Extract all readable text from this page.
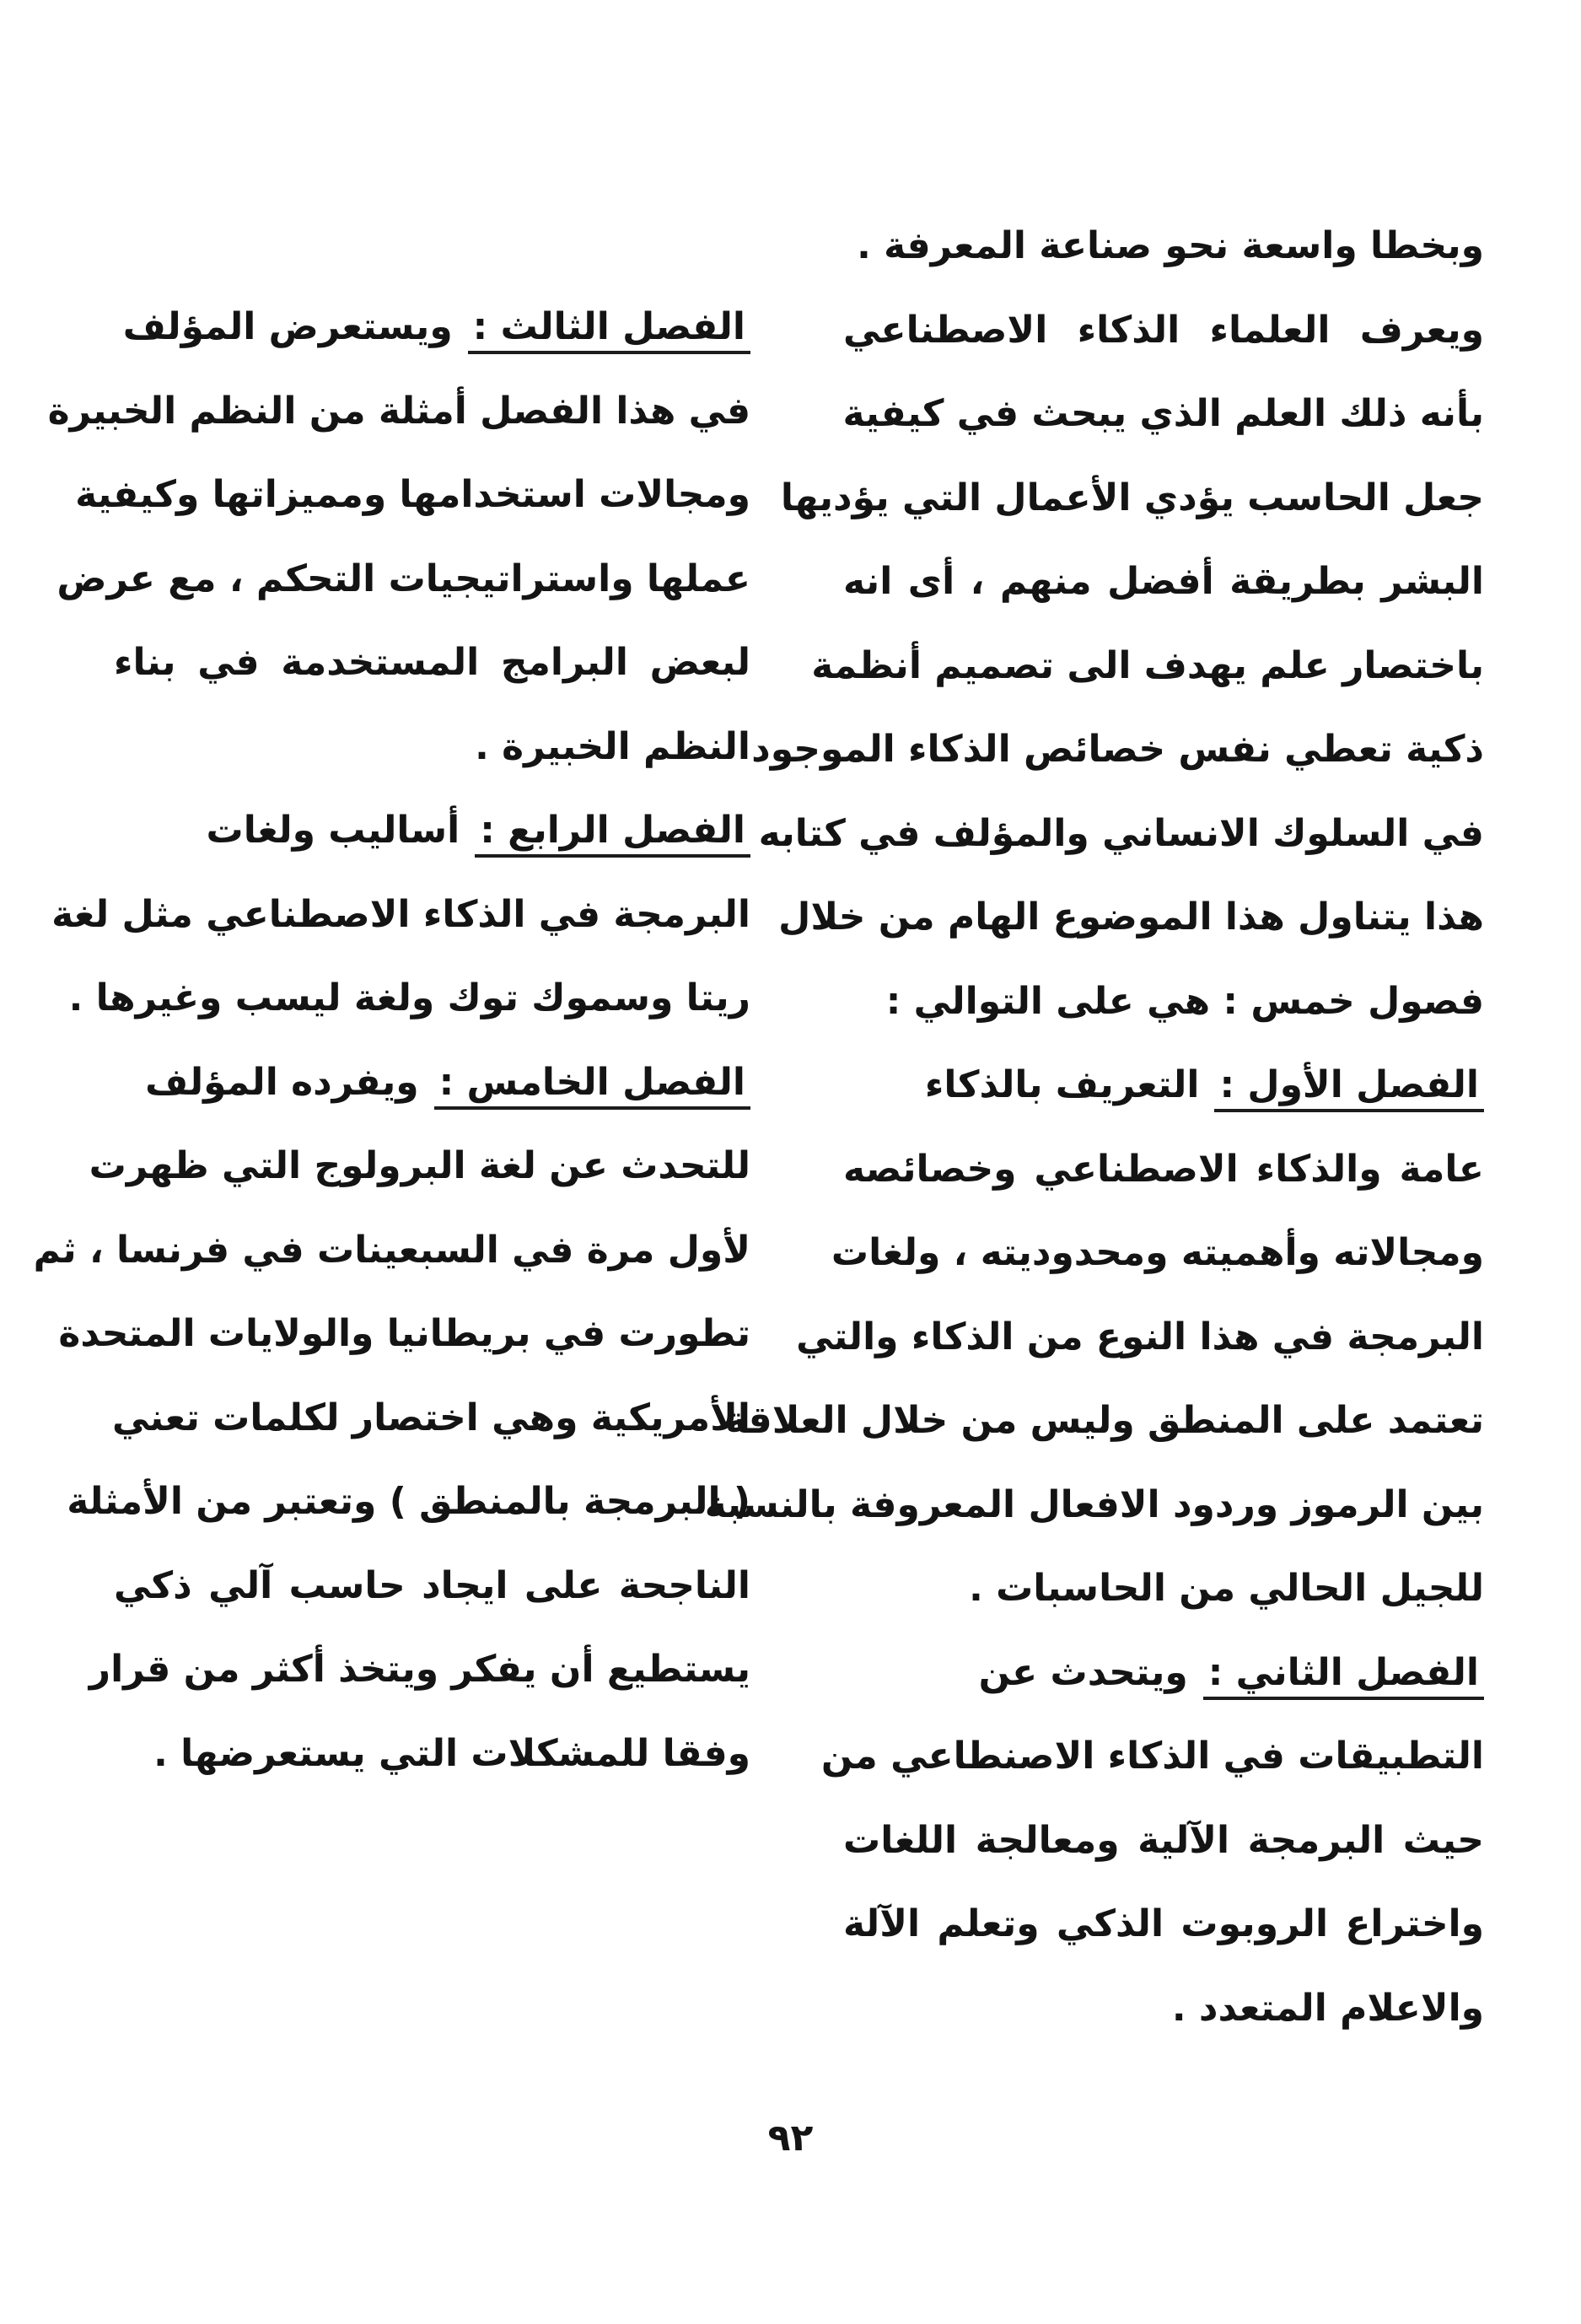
وبخطا واسعة نحو صناعة المعرفة .
ويعرف العلماء الذكاء الاصطناعي
بأنه ذلك العلم الذي يبحث في كيفية
جعل الحاسب يؤدي الأعمال التي يؤديها
البشر بطريقة أفضل منهم ، أى انه
باختصار علم يهدف الى تصميم أنظمة
ذكية تعطي نفس خصائص الذكاء الموجود
في السلوك الانساني والمؤلف في كتابه
هذا يتناول هذا الموضوع الهام من خلال
فصول خمس : هي على التوالي :
الفصل الأول :التعريف بالذكاء
عامة والذكاء الاصطناعي وخصائصه
ومجالاته وأهميته ومحدوديته ، ولغات
البرمجة في هذا النوع من الذكاء والتي
تعتمد على المنطق وليس من خلال العلاقة
بين الرموز وردود الافعال المعروفة بالنسبة
للجيل الحالي من الحاسبات .
الفصل الثاني :ويتحدث عن
التطبيقات في الذكاء الاصنطاعي من
حيث البرمجة الآلية ومعالجة اللغات
واختراع الروبوت الذكي وتعلم الآلة
والاعلام المتعدد .
الفصل الثالث :ويستعرض المؤلف
في هذا الفصل أمثلة من النظم الخبيرة
ومجالات استخدامها ومميزاتها وكيفية
عملها واستراتيجيات التحكم ، مع عرض
لبعض البرامج المستخدمة في بناء
النظم الخبيرة .
الفصل الرابع :أساليب ولغات
البرمجة في الذكاء الاصطناعي مثل لغة
ريتا وسموك توك ولغة ليسب وغيرها .
الفصل الخامس :ويفرده المؤلف
للتحدث عن لغة البرولوج التي ظهرت
لأول مرة في السبعينات في فرنسا ، ثم
تطورت في بريطانيا والولايات المتحدة
الأمريكية وهي اختصار لكلمات تعني
( البرمجة بالمنطق ) وتعتبر من الأمثلة
الناجحة على ايجاد حاسب آلي ذكي
يستطيع أن يفكر ويتخذ أكثر من قرار
وفقا للمشكلات التي يستعرضها .
٩٢
